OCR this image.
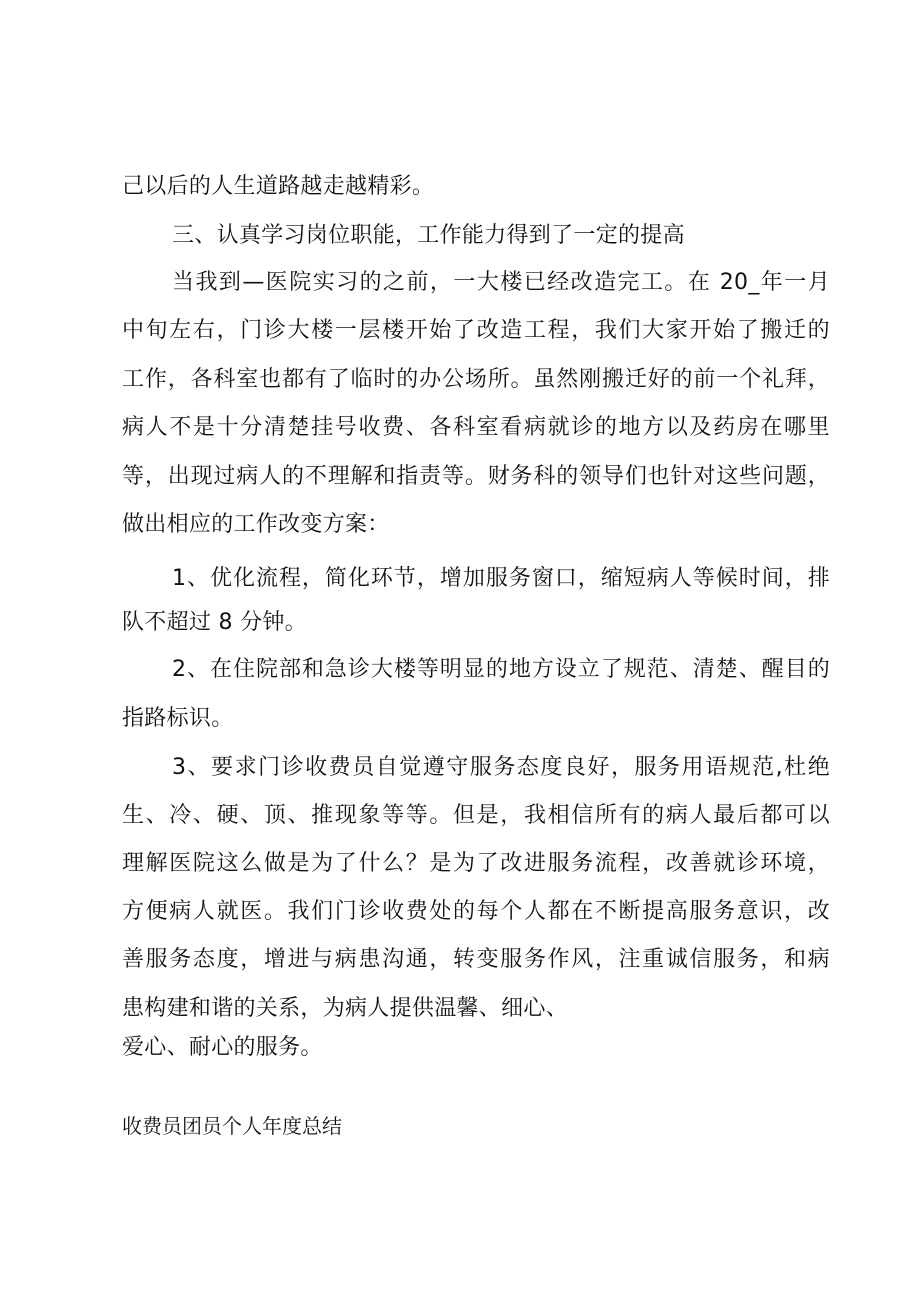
己以后的人生道路越走越精彩。
三、认真学习岗位职能，工作能力得到了一定的提高
当我到—医院实习的之前，一大楼已经改造完工。在 20_年一月
中旬左右，门诊大楼一层楼开始了改造工程，我们大家开始了搬迁的
工作，各科室也都有了临时的办公场所。虽然刚搬迁好的前一个礼拜，
病人不是十分清楚挂号收费、各科室看病就诊的地方以及药房在哪里
等，出现过病人的不理解和指责等。财务科的领导们也针对这些问题，
做出相应的工作改变方案：
1、优化流程，简化环节，增加服务窗口，缩短病人等候时间，排
队不超过 8 分钟。
2、在住院部和急诊大楼等明显的地方设立了规范、清楚、醒目的
指路标识。
3、要求门诊收费员自觉遵守服务态度良好，服务用语规范,杜绝
生、冷、硬、顶、推现象等等。但是，我相信所有的病人最后都可以
理解医院这么做是为了什么？是为了改进服务流程，改善就诊环境，
方便病人就医。我们门诊收费处的每个人都在不断提高服务意识，改
善服务态度，增进与病患沟通，转变服务作风，注重诚信服务，和病
患构建和谐的关系，为病人提供温馨、细心、
爱心、耐心的服务。
收费员团员个人年度总结
